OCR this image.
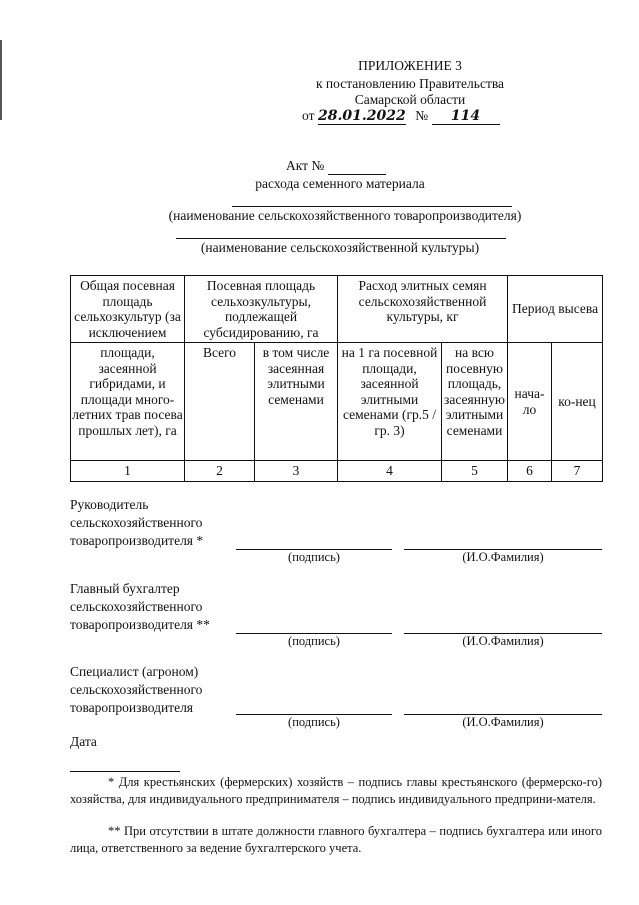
ПРИЛОЖЕНИЕ 3
к постановлению Правительства
Самарской области
от 28.01.2022 № 114
Акт №
расхода семенного материала
(наименование сельскохозяйственного товаропроизводителя)
(наименование сельскохозяйственной культуры)
Общая посевная площадь сельхозкультур (за исключением	Посевная площадь сельхозкультуры, подлежащей субсидированию, га		Расход элитных семян сельскохозяйственной культуры, кг		Период высева	
площади, засеянной гибридами, и площади много-летних трав посева прошлых лет), га	Всего	в том числе засеянная элитными семенами	на 1 га посевной площади, засеянной элитными семенами (гр.5 / гр. 3)	на всю посевную площадь, засеянную элитными семенами	нача-ло	ко-нец
1	2	3	4	5	6	7
Руководитель
сельскохозяйственного
товаропроизводителя *
(подпись)	(И.О.Фамилия)
Главный бухгалтер
сельскохозяйственного
товаропроизводителя **
(подпись)	(И.О.Фамилия)
Специалист (агроном)
сельскохозяйственного
товаропроизводителя
(подпись)	(И.О.Фамилия)
Дата
* Для крестьянских (фермерских) хозяйств – подпись главы крестьянского (фермерско-го) хозяйства, для индивидуального предпринимателя – подпись индивидуального предприни-мателя.
** При отсутствии в штате должности главного бухгалтера – подпись бухгалтера или иного лица, ответственного за ведение бухгалтерского учета.
